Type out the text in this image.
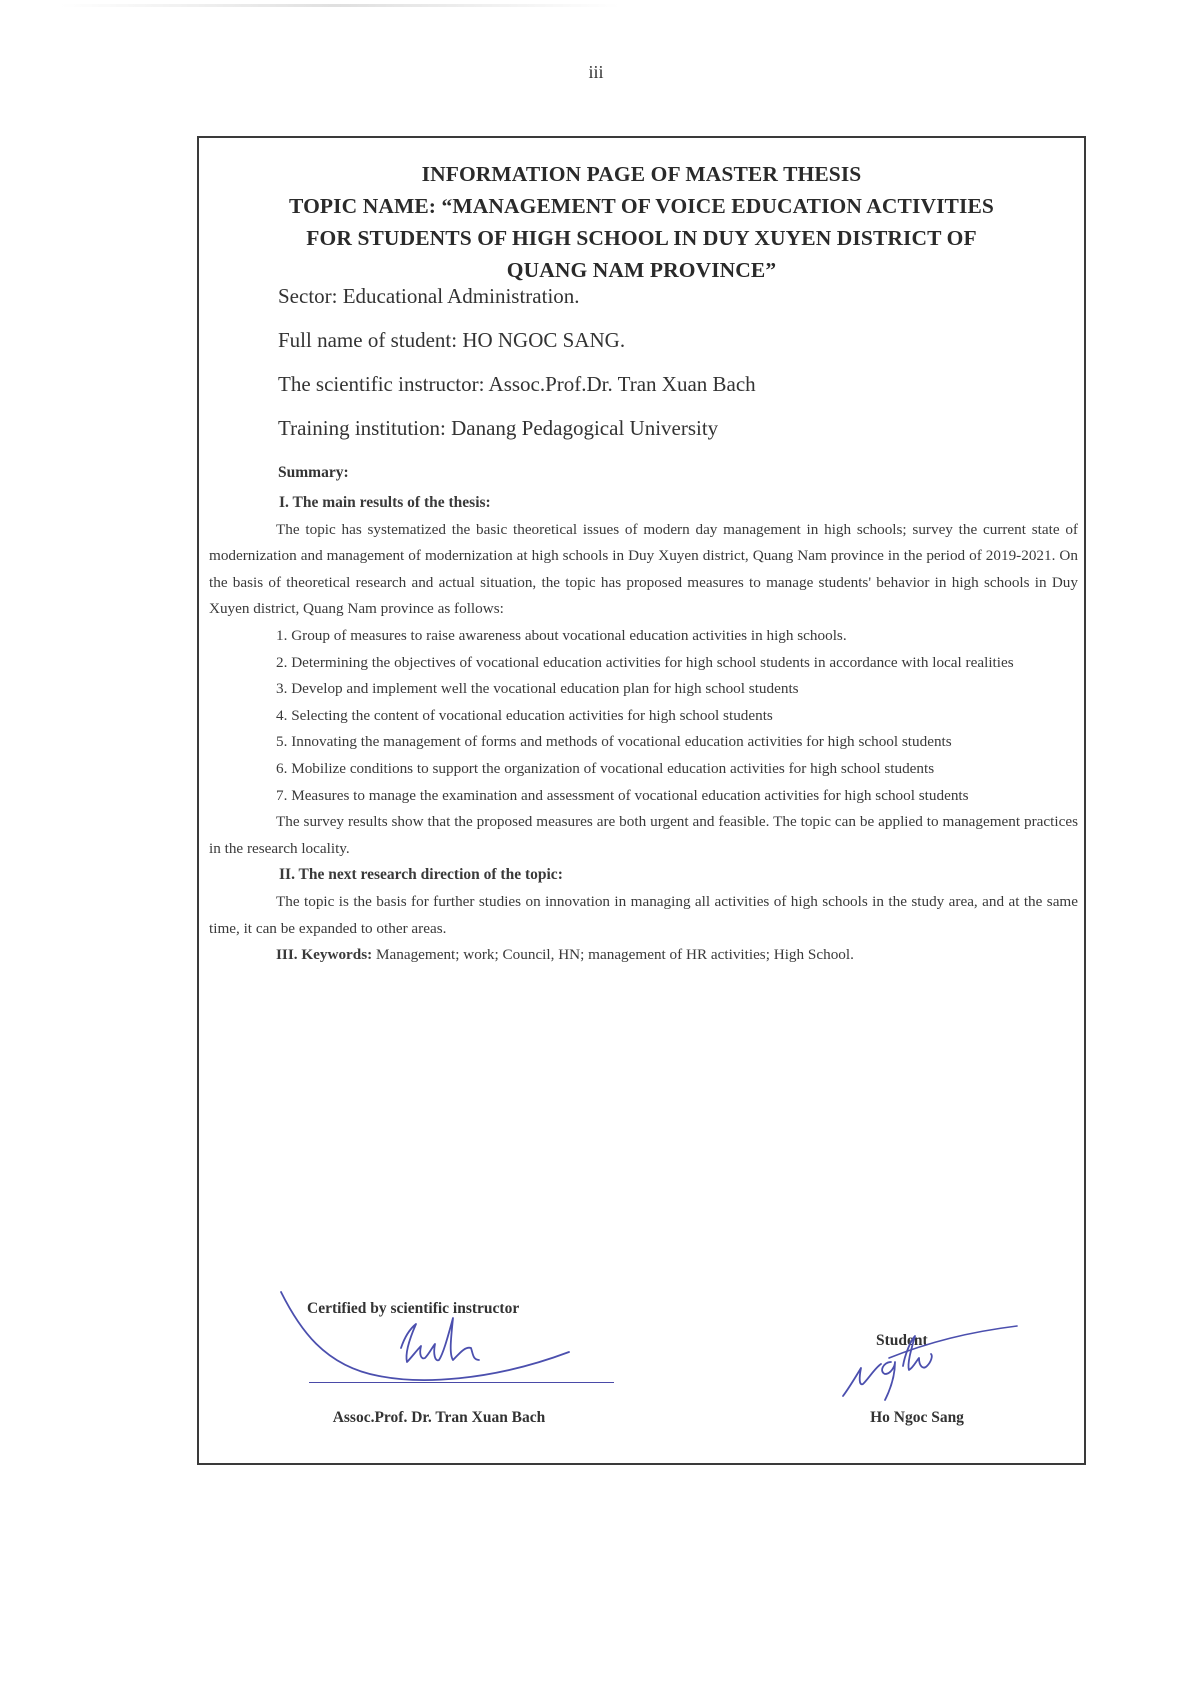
iii
INFORMATION PAGE OF MASTER THESIS
TOPIC NAME: “MANAGEMENT OF VOICE EDUCATION ACTIVITIES
FOR STUDENTS OF HIGH SCHOOL IN DUY XUYEN DISTRICT OF
QUANG NAM PROVINCE”
Sector: Educational Administration.
Full name of student: HO NGOC SANG.
The scientific instructor: Assoc.Prof.Dr. Tran Xuan Bach
Training institution: Danang Pedagogical University
Summary:

I. The main results of the thesis:

The topic has systematized the basic theoretical issues of modern day management in high schools; survey the current state of modernization and management of modernization at high schools in Duy Xuyen district, Quang Nam province in the period of 2019-2021. On the basis of theoretical research and actual situation, the topic has proposed measures to manage students' behavior in high schools in Duy Xuyen district, Quang Nam province as follows:

1. Group of measures to raise awareness about vocational education activities in high schools.

2. Determining the objectives of vocational education activities for high school students in accordance with local realities

3. Develop and implement well the vocational education plan for high school students

4. Selecting the content of vocational education activities for high school students

5. Innovating the management of forms and methods of vocational education activities for high school students

6. Mobilize conditions to support the organization of vocational education activities for high school students

7. Measures to manage the examination and assessment of vocational education activities for high school students

The survey results show that the proposed measures are both urgent and feasible. The topic can be applied to management practices in the research locality.

II. The next research direction of the topic:

The topic is the basis for further studies on innovation in managing all activities of high schools in the study area, and at the same time, it can be expanded to other areas.

III. Keywords: Management; work; Council, HN; management of HR activities; High School.

Certified by scientific instructor
Student
Assoc.Prof. Dr. Tran Xuan Bach	Ho Ngoc Sang
